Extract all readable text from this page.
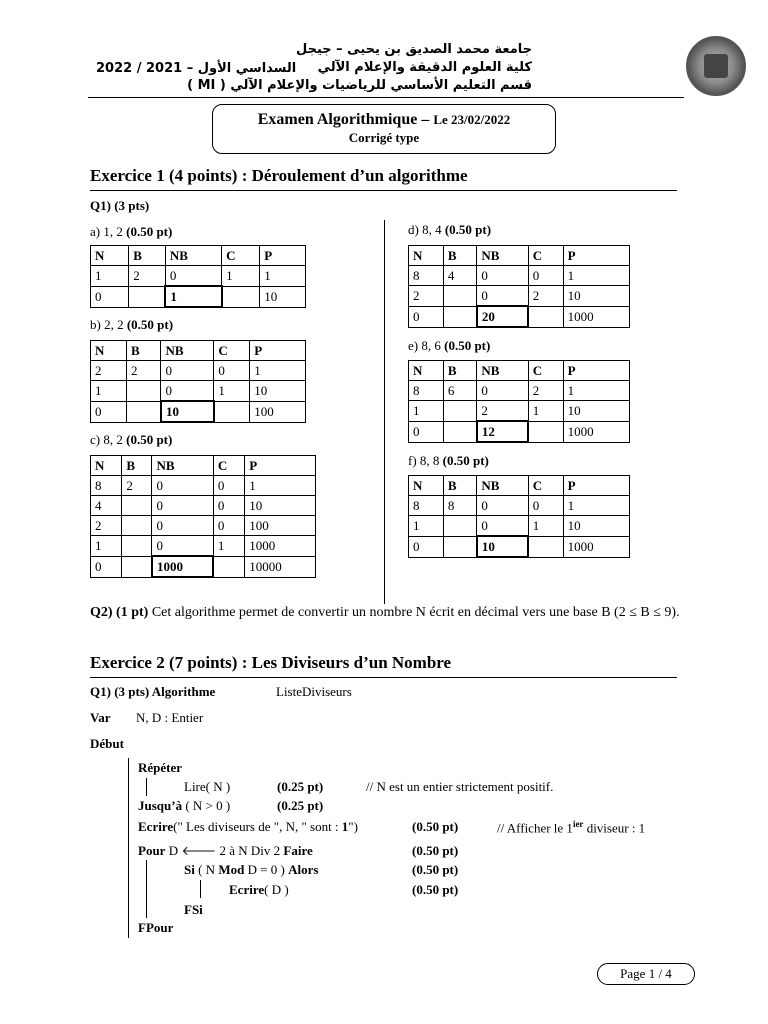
جامعة محمد الصديق بن يحيى – جيجل
كلية العلوم الدقيقة والإعلام الآلي
قسم التعليم الأساسي للرياضيات والإعلام الآلي ( MI )
السداسي الأول – 2021 / 2022
Examen Algorithmique – Le 23/02/2022
Corrigé type
Exercice 1 (4 points) : Déroulement d’un algorithme
Q1) (3 pts)
a) 1, 2 (0.50 pt)
b) 2, 2 (0.50 pt)
c) 8, 2 (0.50 pt)
d) 8, 4 (0.50 pt)
e) 8, 6 (0.50 pt)
f) 8, 8 (0.50 pt)
N	B	NB	C	P
1	2	0	1	1
0		1		10
N	B	NB	C	P
2	2	0	0	1
1		0	1	10
0		10		100
N	B	NB	C	P
8	2	0	0	1
4		0	0	10
2		0	0	100
1		0	1	1000
0		1000		10000
N	B	NB	C	P
8	4	0	0	1
2		0	2	10
0		20		1000
N	B	NB	C	P
8	6	0	2	1
1		2	1	10
0		12		1000
N	B	NB	C	P
8	8	0	0	1
1		0	1	10
0		10		1000
Q2) (1 pt) Cet algorithme permet de convertir un nombre N écrit en décimal vers une base B (2 ≤ B ≤ 9).
Exercice 2 (7 points) : Les Diviseurs d’un Nombre
Q1) (3 pts) Algorithme	ListeDiviseurs
Var N, D : Entier
Début
Répéter
Lire( N )	(0.25 pt)	// N est un entier strictement positif.
Jusqu’à ( N > 0 )	(0.25 pt)
Ecrire(" Les diviseurs de ", N, " sont : 1")	(0.50 pt)	// Afficher le $1^{ier}$ diviseur : 1
Pour D 🡐 2 à N Div 2 Faire	(0.50 pt)
Si ( N Mod D = 0 ) Alors	(0.50 pt)
Ecrire( D )	(0.50 pt)
FSi
FPour
Page 1 / 4
